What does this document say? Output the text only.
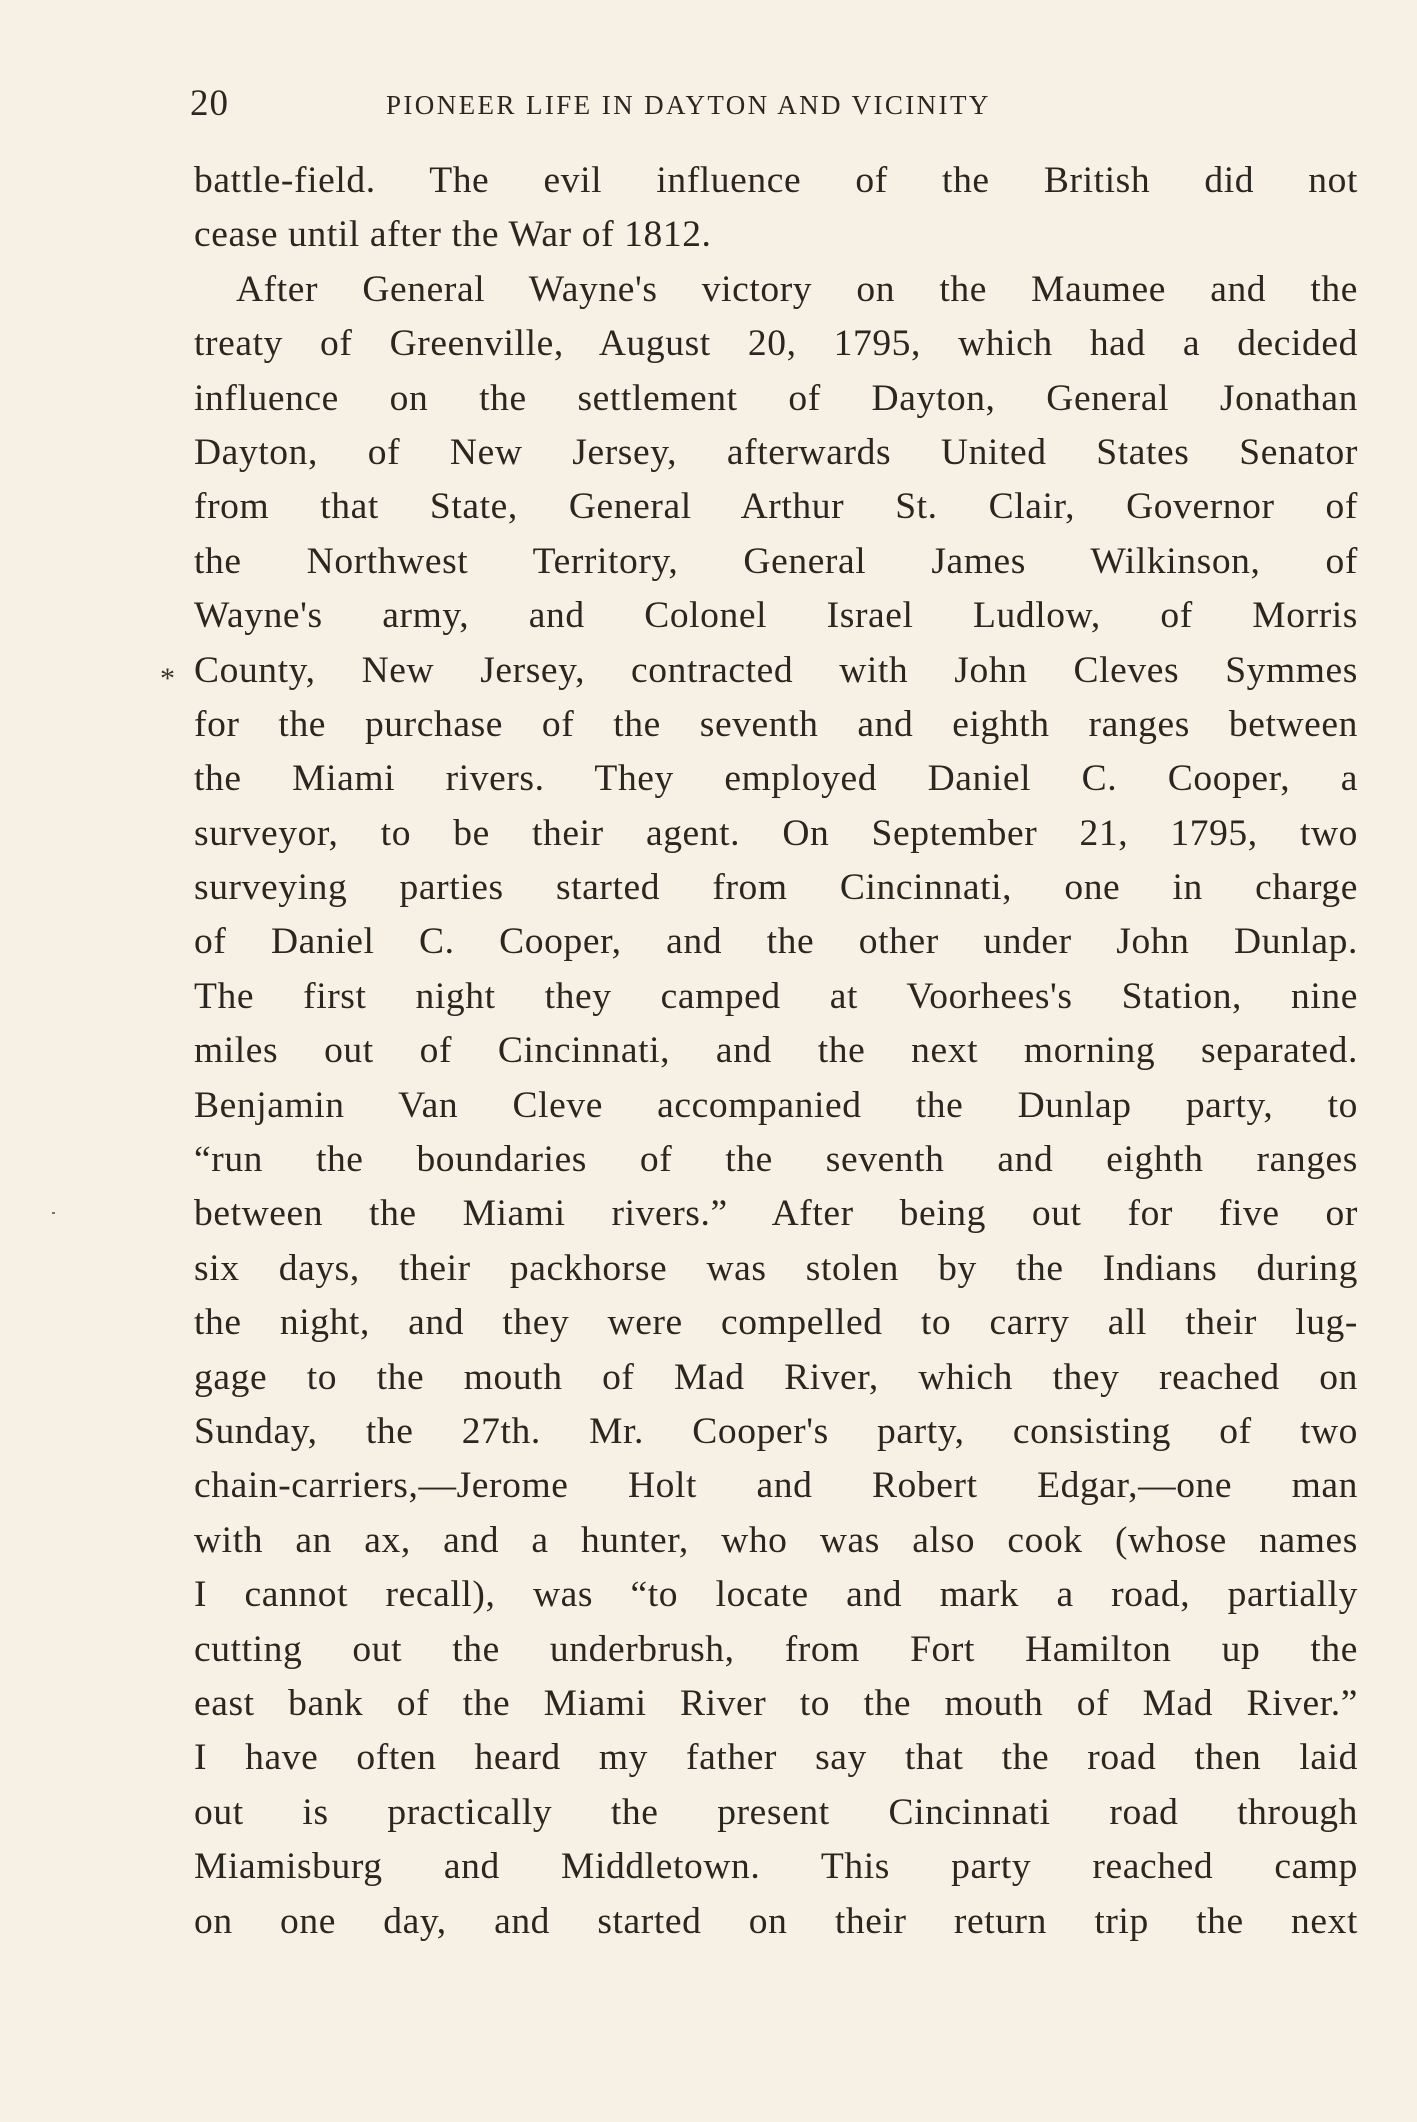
20	PIONEER LIFE IN DAYTON AND VICINITY
*
battle-field. The evil influence of the British did not
cease until after the War of 1812.
After General Wayne's victory on the Maumee and the
treaty of Greenville, August 20, 1795, which had a decided
influence on the settlement of Dayton, General Jonathan
Dayton, of New Jersey, afterwards United States Senator
from that State, General Arthur St. Clair, Governor of
the Northwest Territory, General James Wilkinson, of
Wayne's army, and Colonel Israel Ludlow, of Morris
County, New Jersey, contracted with John Cleves Symmes
for the purchase of the seventh and eighth ranges between
the Miami rivers. They employed Daniel C. Cooper, a
surveyor, to be their agent. On September 21, 1795, two
surveying parties started from Cincinnati, one in charge
of Daniel C. Cooper, and the other under John Dunlap.
The first night they camped at Voorhees's Station, nine
miles out of Cincinnati, and the next morning separated.
Benjamin Van Cleve accompanied the Dunlap party, to
“run the boundaries of the seventh and eighth ranges
between the Miami rivers.” After being out for five or
six days, their packhorse was stolen by the Indians during
the night, and they were compelled to carry all their lug-
gage to the mouth of Mad River, which they reached on
Sunday, the 27th. Mr. Cooper's party, consisting of two
chain-carriers,—Jerome Holt and Robert Edgar,—one man
with an ax, and a hunter, who was also cook (whose names
I cannot recall), was “to locate and mark a road, partially
cutting out the underbrush, from Fort Hamilton up the
east bank of the Miami River to the mouth of Mad River.”
I have often heard my father say that the road then laid
out is practically the present Cincinnati road through
Miamisburg and Middletown. This party reached camp
on one day, and started on their return trip the next
